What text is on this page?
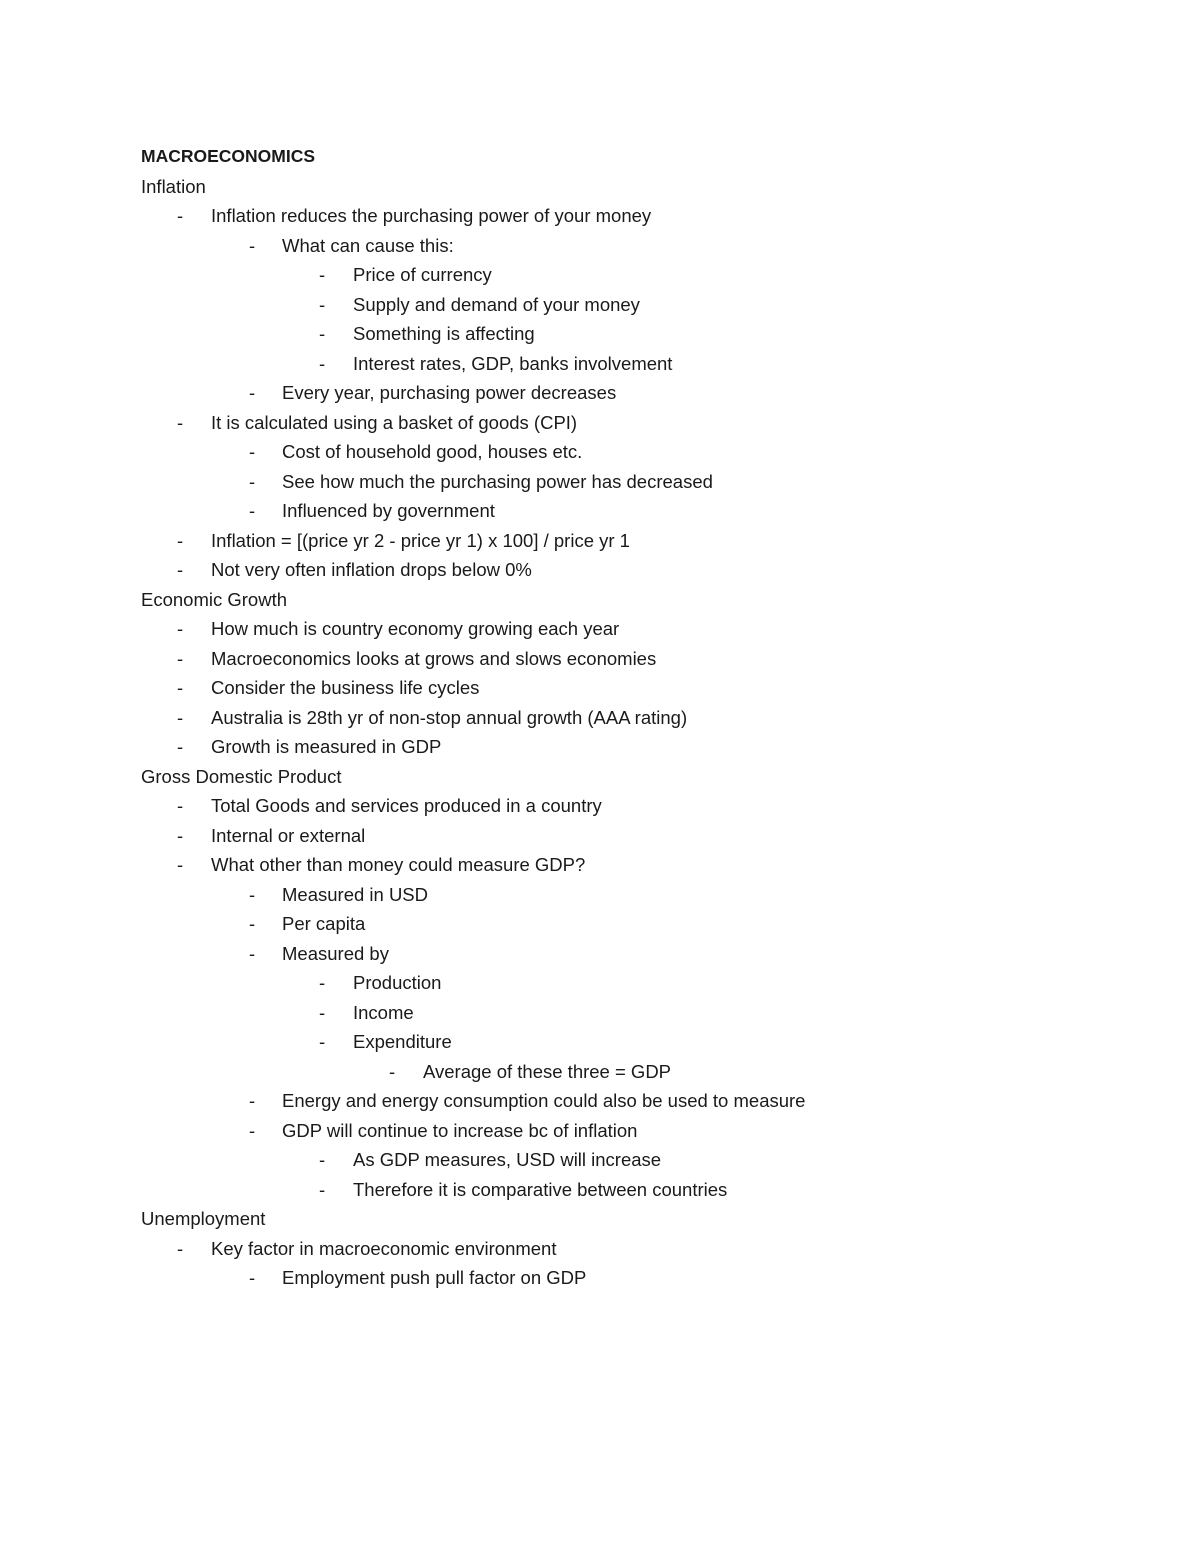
MACROECONOMICS
Inflation
- Inflation reduces the purchasing power of your money
- What can cause this:
- Price of currency
- Supply and demand of your money
- Something is affecting
- Interest rates, GDP, banks involvement
- Every year, purchasing power decreases
- It is calculated using a basket of goods (CPI)
- Cost of household good, houses etc.
- See how much the purchasing power has decreased
- Influenced by government
- Inflation = [(price yr 2 - price yr 1) x 100] / price yr 1
- Not very often inflation drops below 0%
Economic Growth
- How much is country economy growing each year
- Macroeconomics looks at grows and slows economies
- Consider the business life cycles
- Australia is 28th yr of non-stop annual growth (AAA rating)
- Growth is measured in GDP
Gross Domestic Product
- Total Goods and services produced in a country
- Internal or external
- What other than money could measure GDP?
- Measured in USD
- Per capita
- Measured by
- Production
- Income
- Expenditure
- Average of these three = GDP
- Energy and energy consumption could also be used to measure
- GDP will continue to increase bc of inflation
- As GDP measures, USD will increase
- Therefore it is comparative between countries
Unemployment
- Key factor in macroeconomic environment
- Employment push pull factor on GDP
